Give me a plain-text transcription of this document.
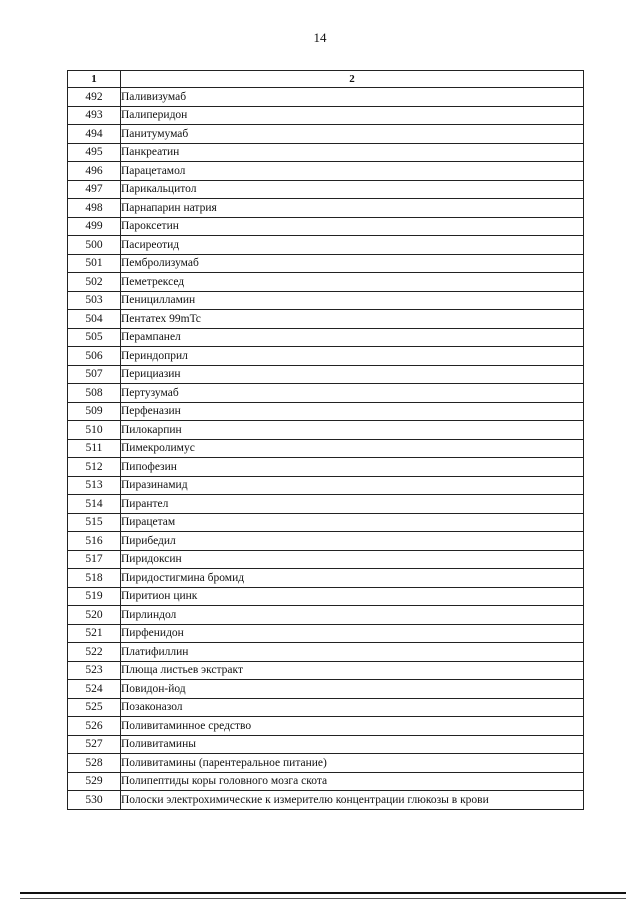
14
1	2
492	Паливизумаб
493	Палиперидон
494	Панитумумаб
495	Панкреатин
496	Парацетамол
497	Парикальцитол
498	Парнапарин натрия
499	Пароксетин
500	Пасиреотид
501	Пембролизумаб
502	Пеметрексед
503	Пеницилламин
504	Пентатех 99mTc
505	Перампанел
506	Периндоприл
507	Перициазин
508	Пертузумаб
509	Перфеназин
510	Пилокарпин
511	Пимекролимус
512	Пипофезин
513	Пиразинамид
514	Пирантел
515	Пирацетам
516	Пирибедил
517	Пиридоксин
518	Пиридостигмина бромид
519	Пиритион цинк
520	Пирлиндол
521	Пирфенидон
522	Платифиллин
523	Плюща листьев экстракт
524	Повидон-йод
525	Позаконазол
526	Поливитаминное средство
527	Поливитамины
528	Поливитамины (парентеральное питание)
529	Полипептиды коры головного мозга скота
530	Полоски электрохимические к измерителю концентрации глюкозы в крови
